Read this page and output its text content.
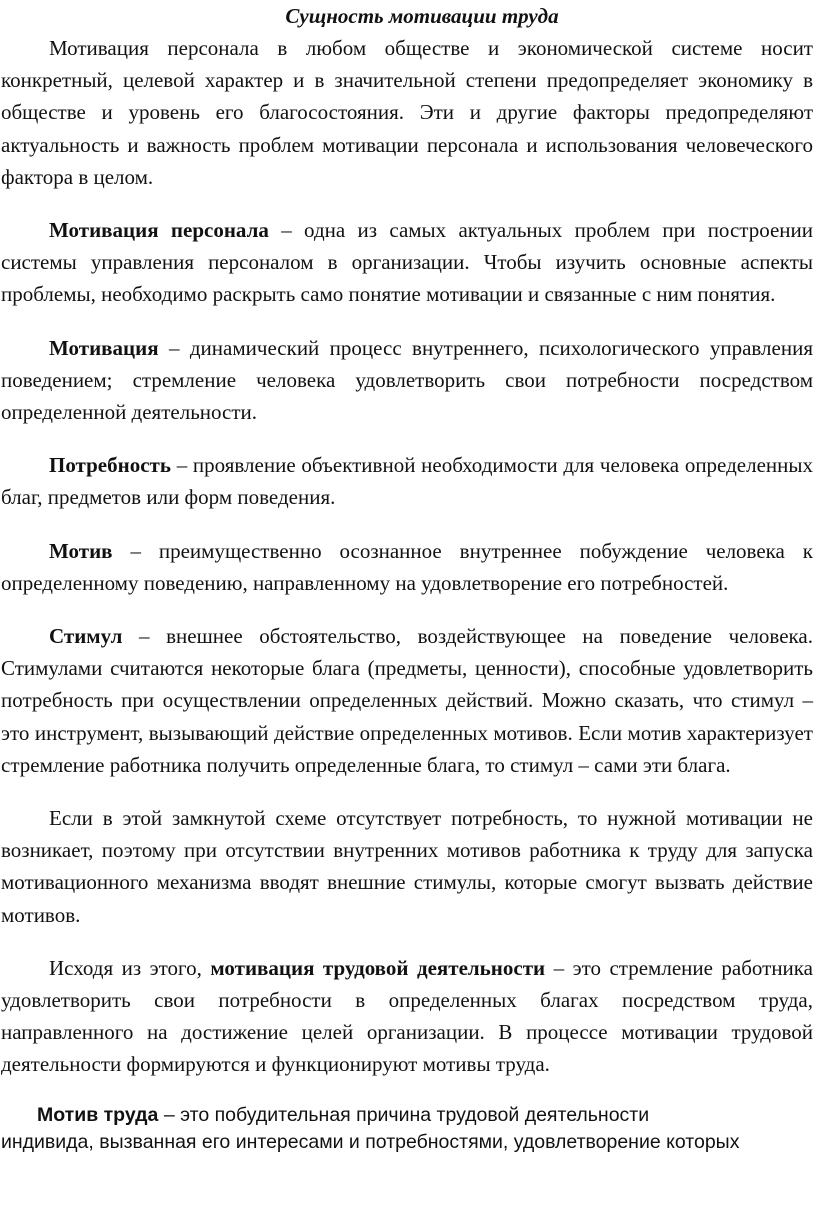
Сущность мотивации труда

Мотивация персонала в любом обществе и экономической системе носит конкретный, целевой характер и в значительной степени предопределяет экономику в обществе и уровень его благосостояния. Эти и другие факторы предопределяют актуальность и важность проблем мотивации персонала и использования человеческого фактора в целом.

Мотивация персонала – одна из самых актуальных проблем при построении системы управления персоналом в организации. Чтобы изучить основные аспекты проблемы, необходимо раскрыть само понятие мотивации и связанные с ним понятия.

Мотивация – динамический процесс внутреннего, психологического управления поведением; стремление человека удовлетворить свои потребности посредством определенной деятельности.

Потребность – проявление объективной необходимости для человека определенных благ, предметов или форм поведения.

Мотив – преимущественно осознанное внутреннее побуждение человека к определенному поведению, направленному на удовлетворение его потребностей.

Стимул – внешнее обстоятельство, воздействующее на поведение человека. Стимулами считаются некоторые блага (предметы, ценности), способные удовлетворить потребность при осуществлении определенных действий. Можно сказать, что стимул – это инструмент, вызывающий действие определенных мотивов. Если мотив характеризует стремление работника получить определенные блага, то стимул – сами эти блага.

Если в этой замкнутой схеме отсутствует потребность, то нужной мотивации не возникает, поэтому при отсутствии внутренних мотивов работника к труду для запуска мотивационного механизма вводят внешние стимулы, которые смогут вызвать действие мотивов.

Исходя из этого, мотивация трудовой деятельности – это стремление работника удовлетворить свои потребности в определенных благах посредством труда, направленного на достижение целей организации. В процессе мотивации трудовой деятельности формируются и функционируют мотивы труда.

Мотив труда – это побудительная причина трудовой деятельности индивида, вызванная его интересами и потребностями, удовлетворение которых
